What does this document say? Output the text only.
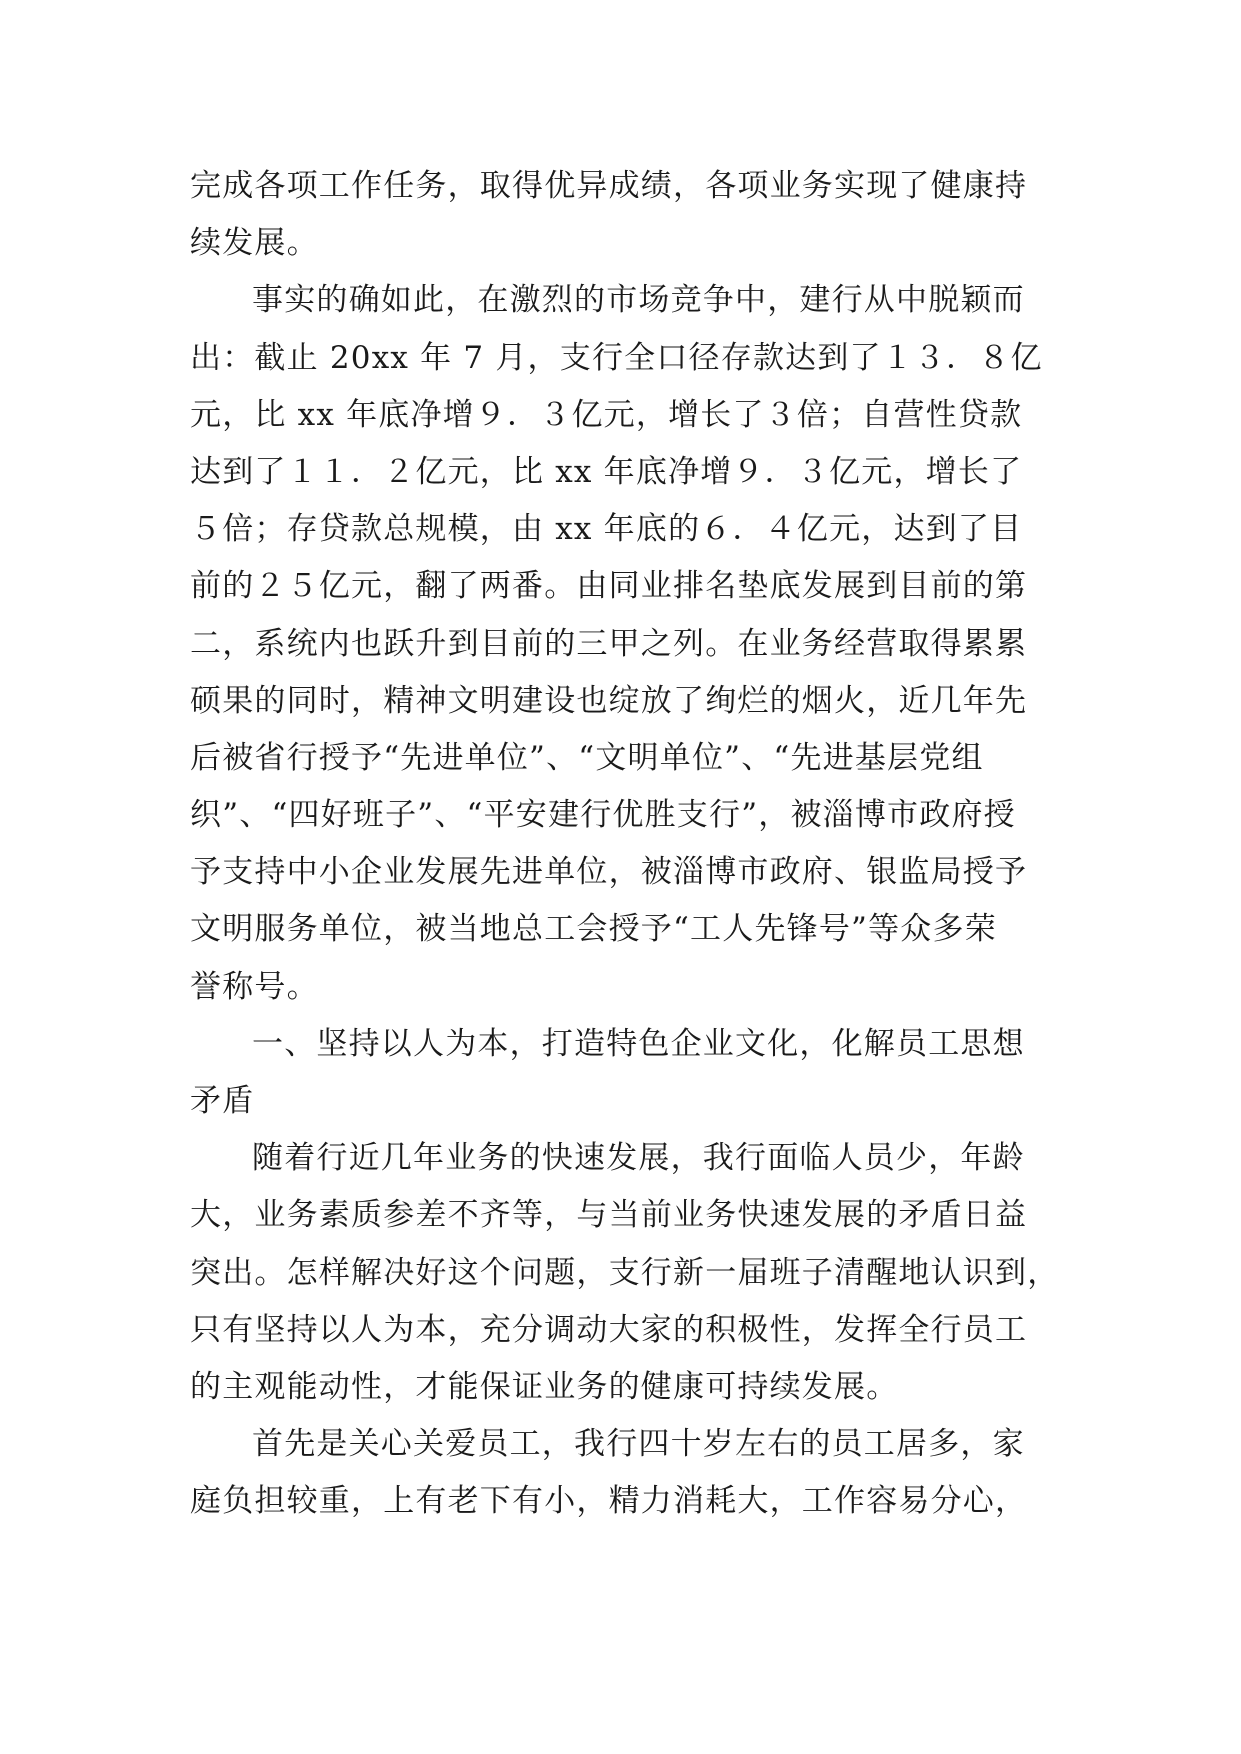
完成各项工作任务，取得优异成绩，各项业务实现了健康持
续发展。
事实的确如此，在激烈的市场竞争中，建行从中脱颖而
出：截止 20xx 年 7 月，支行全口径存款达到了１３．８亿
元，比 xx 年底净增９．３亿元，增长了３倍；自营性贷款
达到了１１．２亿元，比 xx 年底净增９．３亿元，增长了
５倍；存贷款总规模，由 xx 年底的６．４亿元，达到了目
前的２５亿元，翻了两番。由同业排名垫底发展到目前的第
二，系统内也跃升到目前的三甲之列。在业务经营取得累累
硕果的同时，精神文明建设也绽放了绚烂的烟火，近几年先
后被省行授予“先进单位”、“文明单位”、“先进基层党组
织”、“四好班子”、“平安建行优胜支行”，被淄博市政府授
予支持中小企业发展先进单位，被淄博市政府、银监局授予
文明服务单位，被当地总工会授予“工人先锋号”等众多荣
誉称号。
一、坚持以人为本，打造特色企业文化，化解员工思想
矛盾
随着行近几年业务的快速发展，我行面临人员少，年龄
大，业务素质参差不齐等，与当前业务快速发展的矛盾日益
突出。怎样解决好这个问题，支行新一届班子清醒地认识到，
只有坚持以人为本，充分调动大家的积极性，发挥全行员工
的主观能动性，才能保证业务的健康可持续发展。
首先是关心关爱员工，我行四十岁左右的员工居多，家
庭负担较重，上有老下有小，精力消耗大，工作容易分心，
